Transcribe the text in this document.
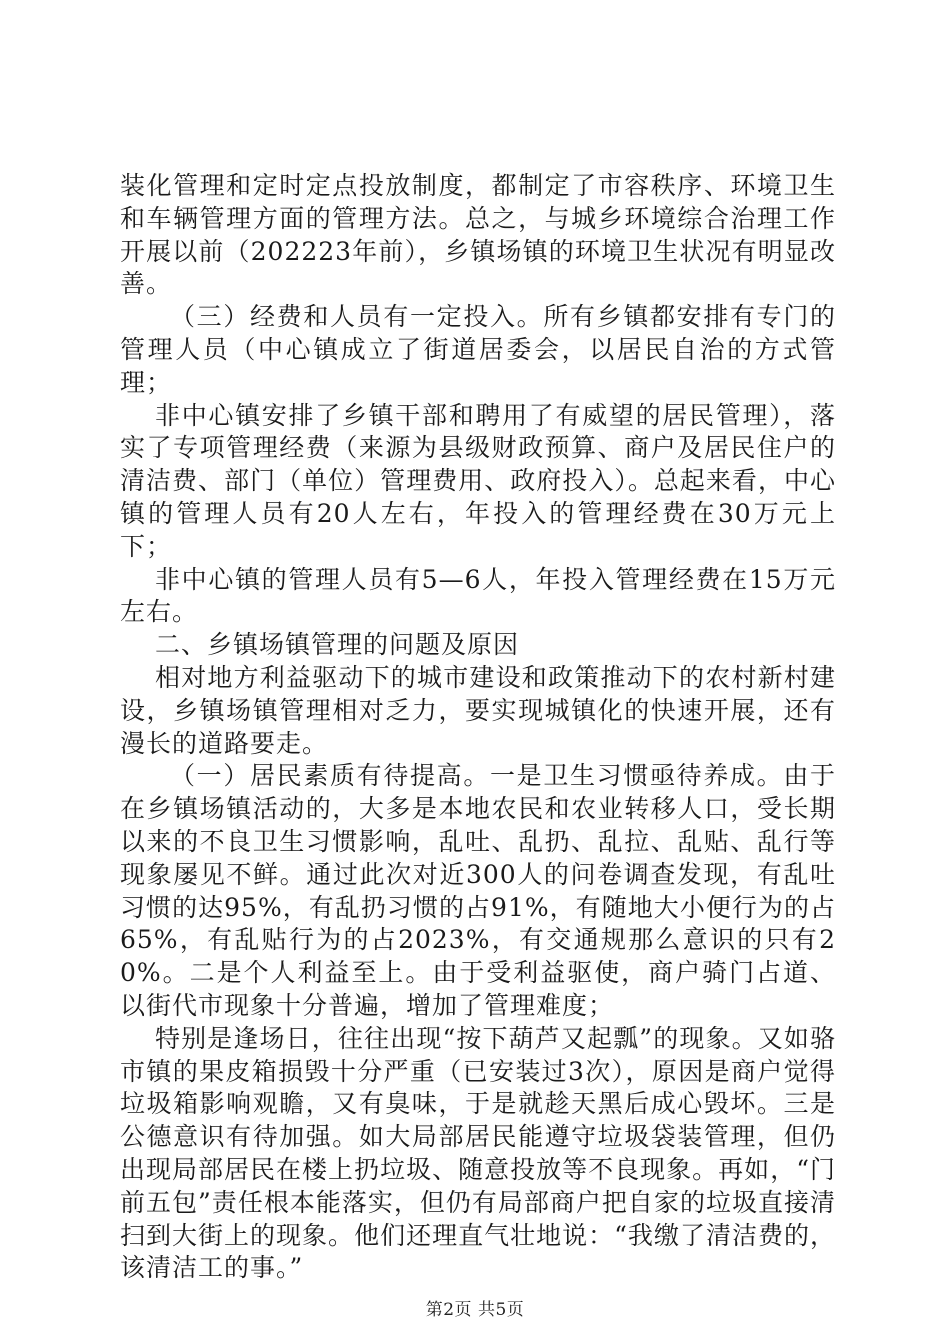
装化管理和定时定点投放制度，都制定了市容秩序、环境卫生和车辆管理方面的管理方法。总之，与城乡环境综合治理工作开展以前（202223年前），乡镇场镇的环境卫生状况有明显改善。

（三）经费和人员有一定投入。所有乡镇都安排有专门的管理人员（中心镇成立了街道居委会，以居民自治的方式管理；

非中心镇安排了乡镇干部和聘用了有威望的居民管理），落实了专项管理经费（来源为县级财政预算、商户及居民住户的清洁费、部门（单位）管理费用、政府投入）。总起来看，中心镇的管理人员有20人左右，年投入的管理经费在30万元上下；

非中心镇的管理人员有5—6人，年投入管理经费在15万元左右。

二、乡镇场镇管理的问题及原因

相对地方利益驱动下的城市建设和政策推动下的农村新村建设，乡镇场镇管理相对乏力，要实现城镇化的快速开展，还有漫长的道路要走。

（一）居民素质有待提高。一是卫生习惯亟待养成。由于在乡镇场镇活动的，大多是本地农民和农业转移人口，受长期以来的不良卫生习惯影响，乱吐、乱扔、乱拉、乱贴、乱行等现象屡见不鲜。通过此次对近300人的问卷调查发现，有乱吐习惯的达95%，有乱扔习惯的占91%，有随地大小便行为的占65%，有乱贴行为的占2023%，有交通规那么意识的只有20%。二是个人利益至上。由于受利益驱使，商户骑门占道、以街代市现象十分普遍，增加了管理难度；

特别是逢场日，往往出现“按下葫芦又起瓢”的现象。又如骆市镇的果皮箱损毁十分严重（已安装过3次），原因是商户觉得垃圾箱影响观瞻，又有臭味，于是就趁天黑后成心毁坏。三是公德意识有待加强。如大局部居民能遵守垃圾袋装管理，但仍出现局部居民在楼上扔垃圾、随意投放等不良现象。再如，“门前五包”责任根本能落实，但仍有局部商户把自家的垃圾直接清扫到大街上的现象。他们还理直气壮地说：“我缴了清洁费的，该清洁工的事。”

第2页 共5页
